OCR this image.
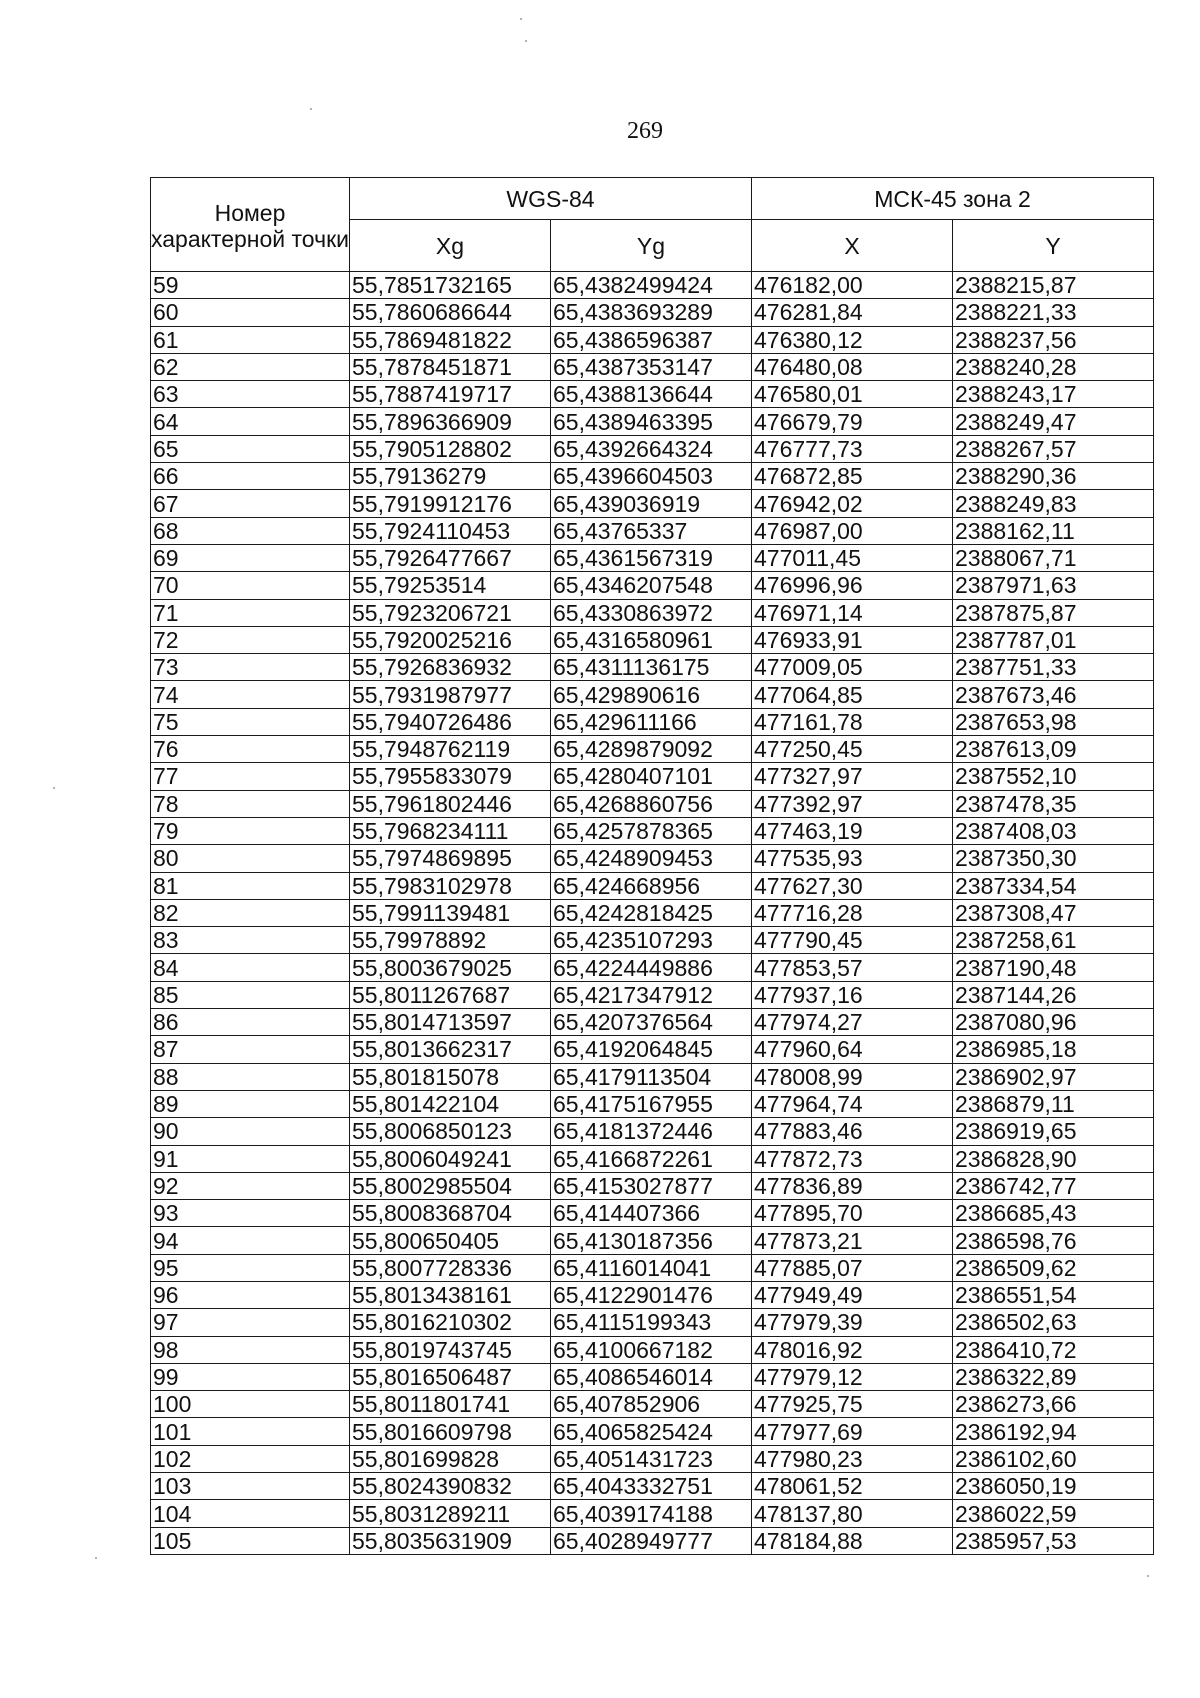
269
Номер характерной точки	WGS-84		МСК-45 зона 2	
	Xg	Yg	X	Y
59	55,7851732165	65,4382499424	476182,00	2388215,87
60	55,7860686644	65,4383693289	476281,84	2388221,33
61	55,7869481822	65,4386596387	476380,12	2388237,56
62	55,7878451871	65,4387353147	476480,08	2388240,28
63	55,7887419717	65,4388136644	476580,01	2388243,17
64	55,7896366909	65,4389463395	476679,79	2388249,47
65	55,7905128802	65,4392664324	476777,73	2388267,57
66	55,79136279	65,4396604503	476872,85	2388290,36
67	55,7919912176	65,439036919	476942,02	2388249,83
68	55,7924110453	65,43765337	476987,00	2388162,11
69	55,7926477667	65,4361567319	477011,45	2388067,71
70	55,79253514	65,4346207548	476996,96	2387971,63
71	55,7923206721	65,4330863972	476971,14	2387875,87
72	55,7920025216	65,4316580961	476933,91	2387787,01
73	55,7926836932	65,4311136175	477009,05	2387751,33
74	55,7931987977	65,429890616	477064,85	2387673,46
75	55,7940726486	65,429611166	477161,78	2387653,98
76	55,7948762119	65,4289879092	477250,45	2387613,09
77	55,7955833079	65,4280407101	477327,97	2387552,10
78	55,7961802446	65,4268860756	477392,97	2387478,35
79	55,7968234111	65,4257878365	477463,19	2387408,03
80	55,7974869895	65,4248909453	477535,93	2387350,30
81	55,7983102978	65,424668956	477627,30	2387334,54
82	55,7991139481	65,4242818425	477716,28	2387308,47
83	55,79978892	65,4235107293	477790,45	2387258,61
84	55,8003679025	65,4224449886	477853,57	2387190,48
85	55,8011267687	65,4217347912	477937,16	2387144,26
86	55,8014713597	65,4207376564	477974,27	2387080,96
87	55,8013662317	65,4192064845	477960,64	2386985,18
88	55,801815078	65,4179113504	478008,99	2386902,97
89	55,801422104	65,4175167955	477964,74	2386879,11
90	55,8006850123	65,4181372446	477883,46	2386919,65
91	55,8006049241	65,4166872261	477872,73	2386828,90
92	55,8002985504	65,4153027877	477836,89	2386742,77
93	55,8008368704	65,414407366	477895,70	2386685,43
94	55,800650405	65,4130187356	477873,21	2386598,76
95	55,8007728336	65,4116014041	477885,07	2386509,62
96	55,8013438161	65,4122901476	477949,49	2386551,54
97	55,8016210302	65,4115199343	477979,39	2386502,63
98	55,8019743745	65,4100667182	478016,92	2386410,72
99	55,8016506487	65,4086546014	477979,12	2386322,89
100	55,8011801741	65,407852906	477925,75	2386273,66
101	55,8016609798	65,4065825424	477977,69	2386192,94
102	55,801699828	65,4051431723	477980,23	2386102,60
103	55,8024390832	65,4043332751	478061,52	2386050,19
104	55,8031289211	65,4039174188	478137,80	2386022,59
105	55,8035631909	65,4028949777	478184,88	2385957,53
